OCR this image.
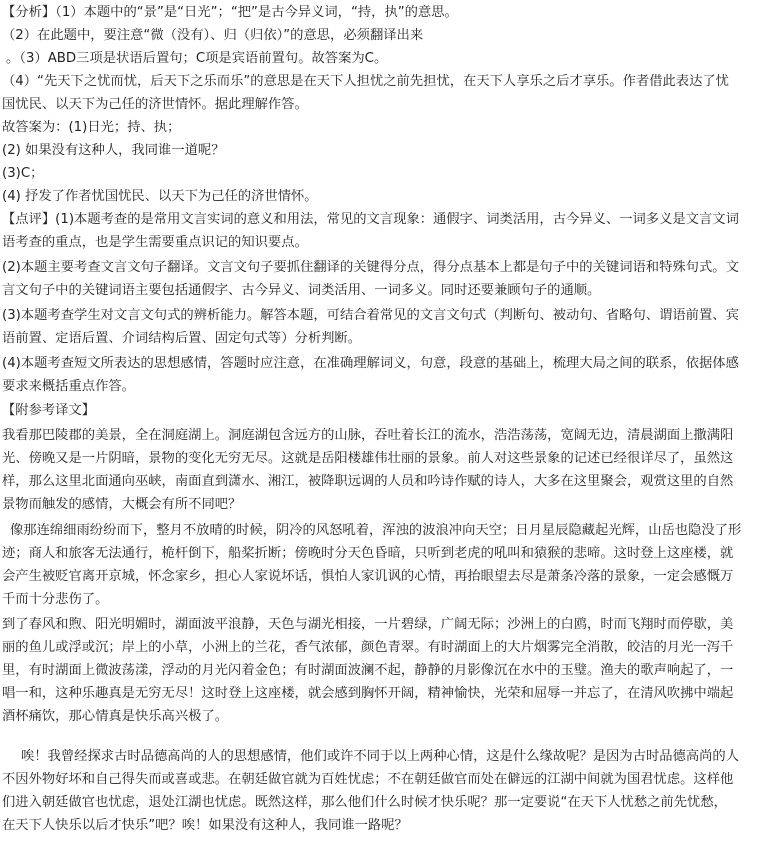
【分析】（1）本题中的“景”是“日光”；“把”是古今异义词，“持，执”的意思。
（2）在此题中，要注意“微（没有）、归（归依）”的意思，必须翻译出来
。（3）ABD三项是状语后置句；C项是宾语前置句。故答案为C。
（4）“先天下之忧而忧，后天下之乐而乐”的意思是在天下人担忧之前先担忧，在天下人享乐之后才享乐。作者借此表达了忧
国忧民、以天下为己任的济世情怀。据此理解作答。
故答案为：(1)日光；持、执；
(2) 如果没有这种人，我同谁一道呢？
(3)C；
(4) 抒发了作者忧国忧民、以天下为己任的济世情怀。
【点评】(1)本题考查的是常用文言实词的意义和用法，常见的文言现象：通假字、词类活用，古今异义、一词多义是文言文词
语考查的重点，也是学生需要重点识记的知识要点。
(2)本题主要考查文言文句子翻译。文言文句子要抓住翻译的关键得分点，得分点基本上都是句子中的关键词语和特殊句式。文
言文句子中的关键词语主要包括通假字、古今异义、词类活用、一词多义。同时还要兼顾句子的通顺。
(3)本题考查学生对文言文句式的辨析能力。解答本题，可结合着常见的文言文句式（判断句、被动句、省略句、谓语前置、宾
语前置、定语后置、介词结构后置、固定句式等）分析判断。
(4)本题考查短文所表达的思想感情，答题时应注意，在准确理解词义，句意，段意的基础上，梳理大局之间的联系，依据体感
要求来概括重点作答。
【附参考译文】
我看那巴陵郡的美景，全在洞庭湖上。洞庭湖包含远方的山脉，吞吐着长江的流水，浩浩荡荡，宽阔无边，清晨湖面上撒满阳
光、傍晚又是一片阴暗，景物的变化无穷无尽。这就是岳阳楼雄伟壮丽的景象。前人对这些景象的记述已经很详尽了，虽然这
样，那么这里北面通向巫峡，南面直到潇水、湘江，被降职远调的人员和吟诗作赋的诗人，大多在这里聚会，观赏这里的自然
景物而触发的感情，大概会有所不同吧？
像那连绵细雨纷纷而下，整月不放晴的时候，阴冷的风怒吼着，浑浊的波浪冲向天空；日月星辰隐藏起光辉，山岳也隐没了形
迹；商人和旅客无法通行，桅杆倒下，船桨折断；傍晚时分天色昏暗，只听到老虎的吼叫和猿猴的悲啼。这时登上这座楼，就
会产生被贬官离开京城，怀念家乡，担心人家说坏话，惧怕人家讥讽的心情，再抬眼望去尽是萧条冷落的景象，一定会感慨万
千而十分悲伤了。
到了春风和煦、阳光明媚时，湖面波平浪静，天色与湖光相接，一片碧绿，广阔无际；沙洲上的白鸥，时而飞翔时而停歇，美
丽的鱼儿或浮或沉；岸上的小草，小洲上的兰花，香气浓郁，颜色青翠。有时湖面上的大片烟雾完全消散，皎洁的月光一泻千
里，有时湖面上微波荡漾，浮动的月光闪着金色；有时湖面波澜不起，静静的月影像沉在水中的玉璧。渔夫的歌声响起了，一
唱一和，这种乐趣真是无穷无尽！这时登上这座楼，就会感到胸怀开阔，精神愉快，光荣和屈辱一并忘了，在清风吹拂中端起
酒杯痛饮，那心情真是快乐高兴极了。
唉！我曾经探求古时品德高尚的人的思想感情，他们或许不同于以上两种心情，这是什么缘故呢？是因为古时品德高尚的人
不因外物好坏和自己得失而或喜或悲。在朝廷做官就为百姓忧虑；不在朝廷做官而处在僻远的江湖中间就为国君忧虑。这样他
们进入朝廷做官也忧虑，退处江湖也忧虑。既然这样，那么他们什么时候才快乐呢？那一定要说“在天下人忧愁之前先忧愁，
在天下人快乐以后才快乐”吧？唉！如果没有这种人，我同谁一路呢？
